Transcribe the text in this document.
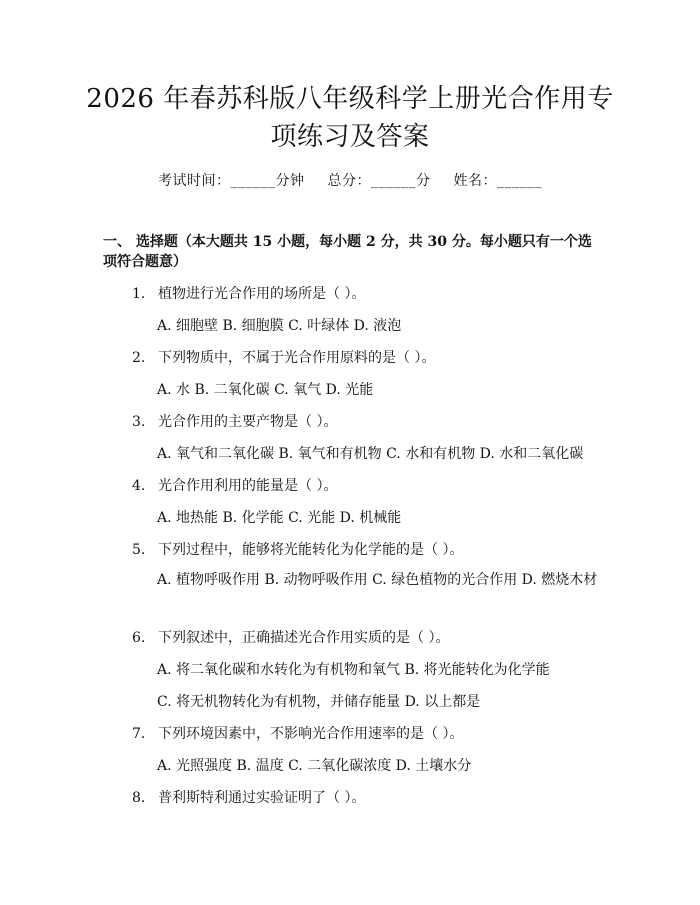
2026 年春苏科版八年级科学上册光合作用专
项练习及答案
考试时间：______分钟 总分：______分 姓名：______
一、 选择题（本大题共 15 小题，每小题 2 分，共 30 分。每小题只有一个选项符合题意）
1. 植物进行光合作用的场所是（ ）。
A. 细胞壁 B. 细胞膜 C. 叶绿体 D. 液泡
2. 下列物质中，不属于光合作用原料的是（ ）。
A. 水 B. 二氧化碳 C. 氧气 D. 光能
3. 光合作用的主要产物是（ ）。
A. 氧气和二氧化碳 B. 氧气和有机物 C. 水和有机物 D. 水和二氧化碳
4. 光合作用利用的能量是（ ）。
A. 地热能 B. 化学能 C. 光能 D. 机械能
5. 下列过程中，能够将光能转化为化学能的是（ ）。
A. 植物呼吸作用 B. 动物呼吸作用 C. 绿色植物的光合作用 D. 燃烧木材
6. 下列叙述中，正确描述光合作用实质的是（ ）。
A. 将二氧化碳和水转化为有机物和氧气 B. 将光能转化为化学能
C. 将无机物转化为有机物，并储存能量 D. 以上都是
7. 下列环境因素中，不影响光合作用速率的是（ ）。
A. 光照强度 B. 温度 C. 二氧化碳浓度 D. 土壤水分
8. 普利斯特利通过实验证明了（ ）。
